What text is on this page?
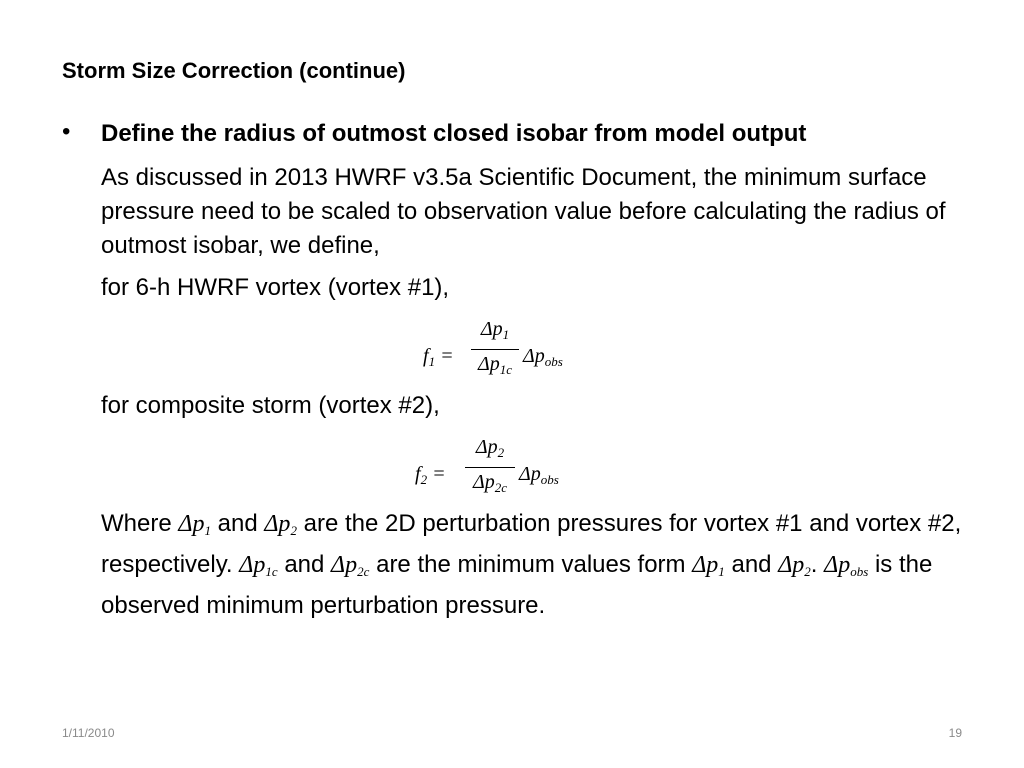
Storm Size Correction (continue)
• Define the radius of outmost closed isobar from model output
As discussed in 2013 HWRF v3.5a Scientific Document, the minimum surface pressure need to be scaled to observation value before calculating the radius of outmost isobar, we define,
for 6-h HWRF vortex (vortex #1),
$f_1$ =
$\Delta p_1$
$\Delta p_{1c}$
$\Delta p_{obs}$
for composite storm (vortex #2),
$f_2$ =
$\Delta p_2$
$\Delta p_{2c}$
$\Delta p_{obs}$
Where $\Delta p_1$ and $\Delta p_2$ are the 2D perturbation pressures for vortex #1 and vortex #2, respectively. $\Delta p_{1c}$ and $\Delta p_{2c}$ are the minimum values form $\Delta p_1$ and $\Delta p_2$. $\Delta p_{obs}$ is the observed minimum perturbation pressure.
1/11/2010	19
